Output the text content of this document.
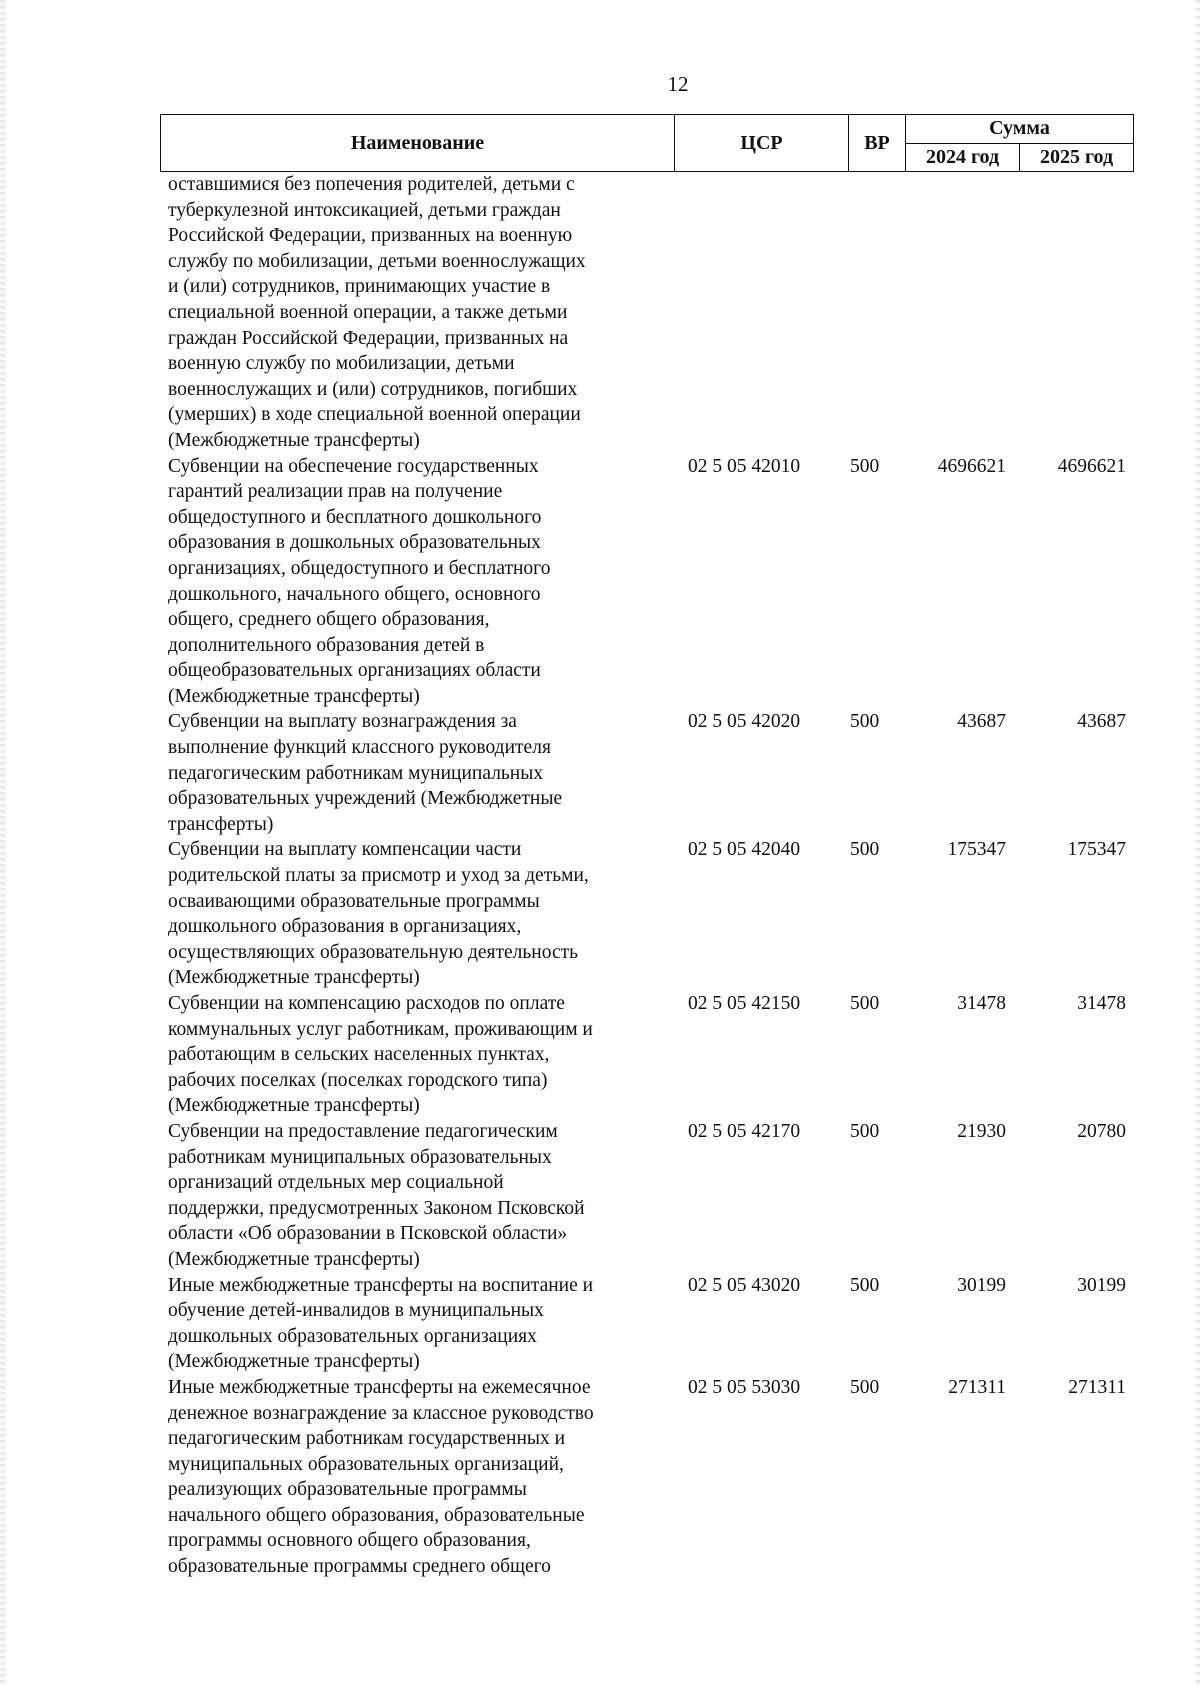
12
Наименование	ЦСР	ВР	Сумма	
			2024 год	2025 год
оставшимися без попечения родителей, детьми с
туберкулезной интоксикацией, детьми граждан
Российской Федерации, призванных на военную
службу по мобилизации, детьми военнослужащих
и (или) сотрудников, принимающих участие в
специальной военной операции, а также детьми
граждан Российской Федерации, призванных на
военную службу по мобилизации, детьми
военнослужащих и (или) сотрудников, погибших
(умерших) в ходе специальной военной операции
(Межбюджетные трансферты)
Субвенции на обеспечение государственных
гарантий реализации прав на получение
общедоступного и бесплатного дошкольного
образования в дошкольных образовательных
организациях, общедоступного и бесплатного
дошкольного, начального общего, основного
общего, среднего общего образования,
дополнительного образования детей в
общеобразовательных организациях области
(Межбюджетные трансферты)
02 5 05 42010	500	4696621	4696621
Субвенции на выплату вознаграждения за
выполнение функций классного руководителя
педагогическим работникам муниципальных
образовательных учреждений (Межбюджетные
трансферты)
02 5 05 42020	500	43687	43687
Субвенции на выплату компенсации части
родительской платы за присмотр и уход за детьми,
осваивающими образовательные программы
дошкольного образования в организациях,
осуществляющих образовательную деятельность
(Межбюджетные трансферты)
02 5 05 42040	500	175347	175347
Субвенции на компенсацию расходов по оплате
коммунальных услуг работникам, проживающим и
работающим в сельских населенных пунктах,
рабочих поселках (поселках городского типа)
(Межбюджетные трансферты)
02 5 05 42150	500	31478	31478
Субвенции на предоставление педагогическим
работникам муниципальных образовательных
организаций отдельных мер социальной
поддержки, предусмотренных Законом Псковской
области «Об образовании в Псковской области»
(Межбюджетные трансферты)
02 5 05 42170	500	21930	20780
Иные межбюджетные трансферты на воспитание и
обучение детей-инвалидов в муниципальных
дошкольных образовательных организациях
(Межбюджетные трансферты)
02 5 05 43020	500	30199	30199
Иные межбюджетные трансферты на ежемесячное
денежное вознаграждение за классное руководство
педагогическим работникам государственных и
муниципальных образовательных организаций,
реализующих образовательные программы
начального общего образования, образовательные
программы основного общего образования,
образовательные программы среднего общего
02 5 05 53030	500	271311	271311
